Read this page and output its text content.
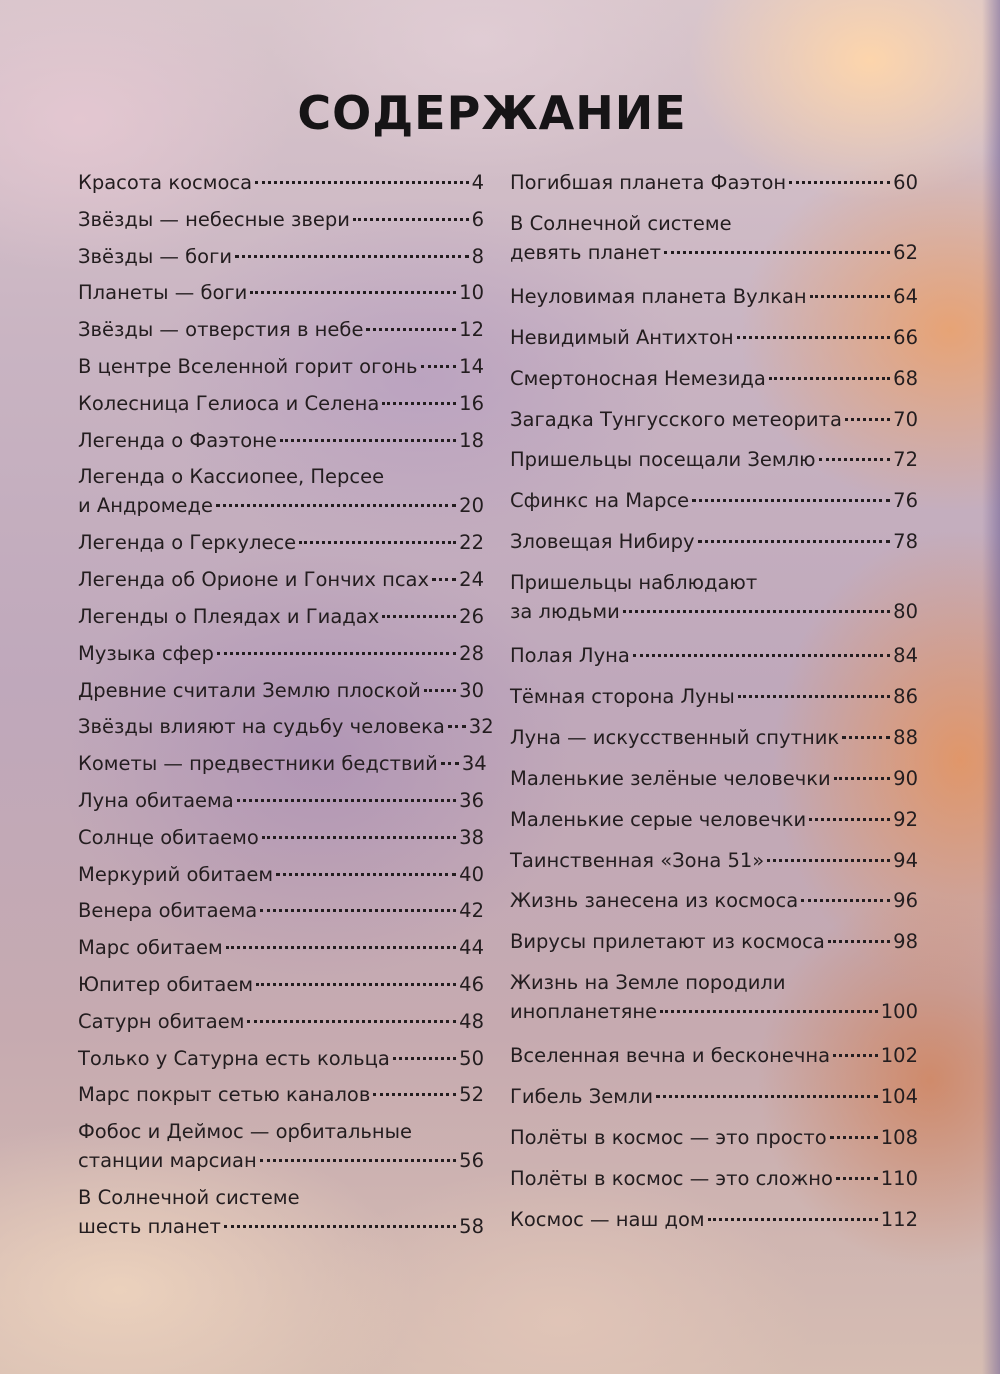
СОДЕРЖАНИЕ
Красота космоса	4
Звёзды — небесные звери	6
Звёзды — боги	8
Планеты — боги	10
Звёзды — отверстия в небе	12
В центре Вселенной горит огонь 14
Колесница Гелиоса и Селена	16
Легенда о Фаэтоне	18
Легенда о Кассиопее, Персее
и Андромеде	20
Легенда о Геркулесе	22
Легенда об Орионе и Гончих псах 24
Легенды о Плеядах и Гиадах	26
Музыка сфер	28
Древние считали Землю плоской 30
Звёзды влияют на судьбу человека 32
Кометы — предвестники бедствий 34
Луна обитаема	36
Солнце обитаемо	38
Меркурий обитаем	40
Венера обитаема	42
Марс обитаем	44
Юпитер обитаем	46
Сатурн обитаем	48
Только у Сатурна есть кольца	50
Марс покрыт сетью каналов	52
Фобос и Деймос — орбитальные
станции марсиан	56
В Солнечной системе
шесть планет	58
Погибшая планета Фаэтон	60
В Солнечной системе
девять планет	62
Неуловимая планета Вулкан	64
Невидимый Антихтон	66
Смертоносная Немезида	68
Загадка Тунгусского метеорита	70
Пришельцы посещали Землю	72
Сфинкс на Марсе	76
Зловещая Нибиру	78
Пришельцы наблюдают
за людьми	80
Полая Луна	84
Тёмная сторона Луны	86
Луна — искусственный спутник	88
Маленькие зелёные человечки	90
Маленькие серые человечки	92
Таинственная «Зона 51»	94
Жизнь занесена из космоса	96
Вирусы прилетают из космоса	98
Жизнь на Земле породили
инопланетяне	100
Вселенная вечна и бесконечна	102
Гибель Земли	104
Полёты в космос — это просто	108
Полёты в космос — это сложно 110
Космос — наш дом	112
